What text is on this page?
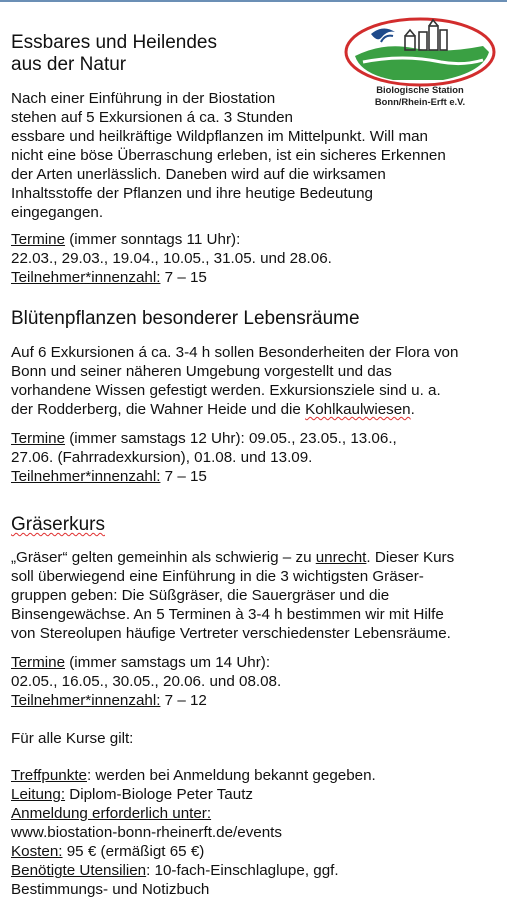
Biologische Station
Bonn/Rhein-Erft e.V.
Essbares und Heilendes
aus der Natur
Nach einer Einführung in der Biostation
stehen auf 5 Exkursionen á ca. 3 Stunden
essbare und heilkräftige Wildpflanzen im Mittelpunkt. Will man
nicht eine böse Überraschung erleben, ist ein sicheres Erkennen
der Arten unerlässlich. Daneben wird auf die wirksamen
Inhaltsstoffe der Pflanzen und ihre heutige Bedeutung
eingegangen.
Termine (immer sonntags 11 Uhr):
22.03., 29.03., 19.04., 10.05., 31.05. und 28.06.
Teilnehmer*innenzahl: 7 – 15
Blütenpflanzen besonderer Lebensräume
Auf 6 Exkursionen á ca. 3-4 h sollen Besonderheiten der Flora von
Bonn und seiner näheren Umgebung vorgestellt und das
vorhandene Wissen gefestigt werden. Exkursionsziele sind u. a.
der Rodderberg, die Wahner Heide und die Kohlkaulwiesen.
Termine (immer samstags 12 Uhr): 09.05., 23.05., 13.06.,
27.06. (Fahrradexkursion), 01.08. und 13.09.
Teilnehmer*innenzahl: 7 – 15
Gräserkurs
„Gräser“ gelten gemeinhin als schwierig – zu unrecht. Dieser Kurs
soll überwiegend eine Einführung in die 3 wichtigsten Gräser-
gruppen geben: Die Süßgräser, die Sauergräser und die
Binsengewächse. An 5 Terminen à 3-4 h bestimmen wir mit Hilfe
von Stereolupen häufige Vertreter verschiedenster Lebensräume.
Termine (immer samstags um 14 Uhr):
02.05., 16.05., 30.05., 20.06. und 08.08.
Teilnehmer*innenzahl: 7 – 12
Für alle Kurse gilt:
Treffpunkte: werden bei Anmeldung bekannt gegeben.
Leitung: Diplom-Biologe Peter Tautz
Anmeldung erforderlich unter:
www.biostation-bonn-rheinerft.de/events
Kosten: 95 € (ermäßigt 65 €)
Benötigte Utensilien: 10-fach-Einschlaglupe, ggf.
Bestimmungs- und Notizbuch
